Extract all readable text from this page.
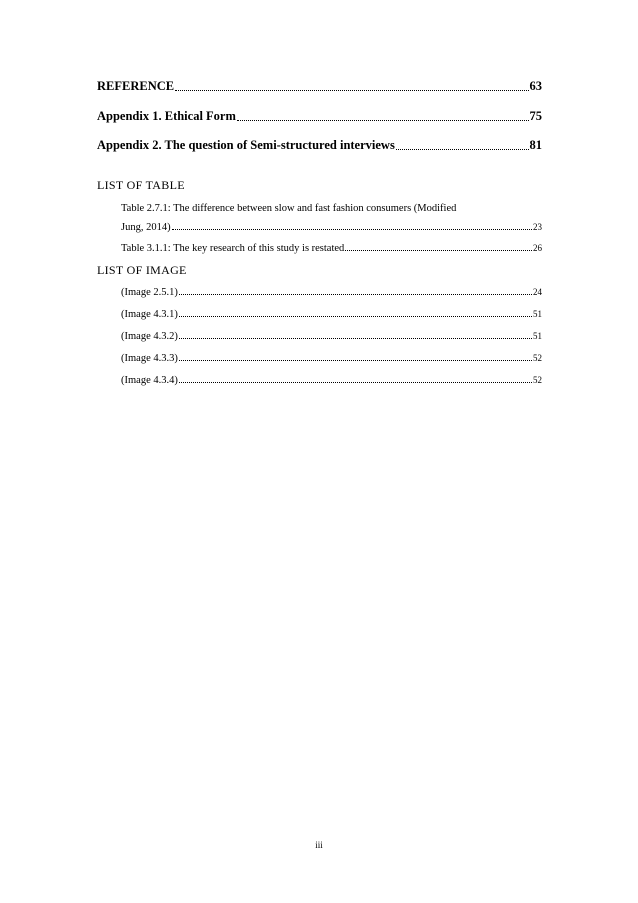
REFERENCE	63
Appendix 1. Ethical Form	75
Appendix 2. The question of Semi-structured interviews	81
LIST OF TABLE
Table 2.7.1: The difference between slow and fast fashion consumers (Modified
Jung, 2014)	23
Table 3.1.1: The key research of this study is restated	26
LIST OF IMAGE
(Image 2.5.1)	24
(Image 4.3.1)	51
(Image 4.3.2)	51
(Image 4.3.3)	52
(Image 4.3.4)	52
iii
